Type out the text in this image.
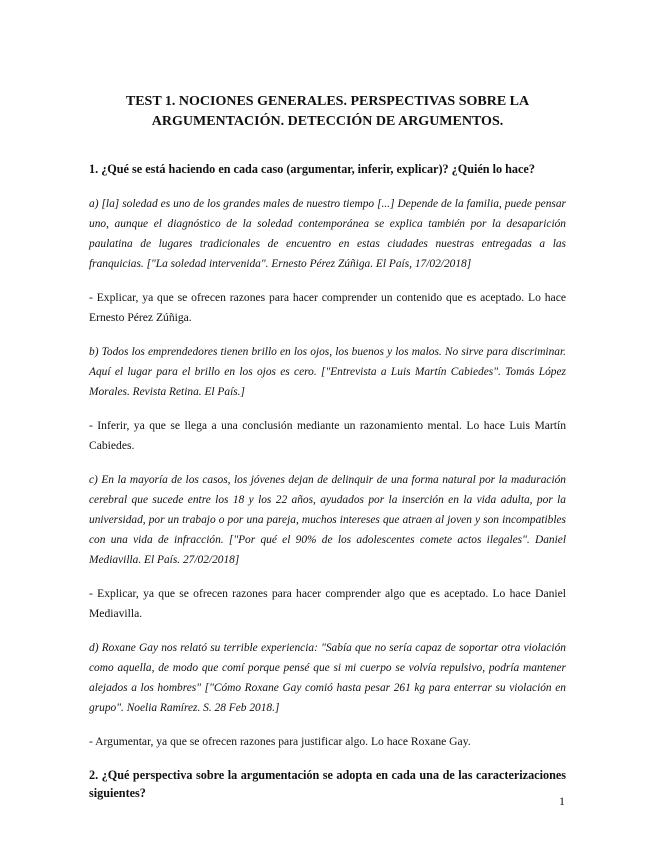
TEST 1. NOCIONES GENERALES. PERSPECTIVAS SOBRE LA
ARGUMENTACIÓN. DETECCIÓN DE ARGUMENTOS.

1. ¿Qué se está haciendo en cada caso (argumentar, inferir, explicar)? ¿Quién lo hace?

a) [la] soledad es uno de los grandes males de nuestro tiempo [...] Depende de la familia, puede pensar uno, aunque el diagnóstico de la soledad contemporánea se explica también por la desaparición paulatina de lugares tradicionales de encuentro en estas ciudades nuestras entregadas a las franquicias. ["La soledad intervenida". Ernesto Pérez Zúñiga. El País, 17/02/2018]

- Explicar, ya que se ofrecen razones para hacer comprender un contenido que es aceptado. Lo hace Ernesto Pérez Zúñiga.

b) Todos los emprendedores tienen brillo en los ojos, los buenos y los malos. No sirve para discriminar. Aquí el lugar para el brillo en los ojos es cero. ["Entrevista a Luis Martín Cabiedes". Tomás López Morales. Revista Retina. El País.]

- Inferir, ya que se llega a una conclusión mediante un razonamiento mental. Lo hace Luis Martín Cabiedes.

c) En la mayoría de los casos, los jóvenes dejan de delinquir de una forma natural por la maduración cerebral que sucede entre los 18 y los 22 años, ayudados por la inserción en la vida adulta, por la universidad, por un trabajo o por una pareja, muchos intereses que atraen al joven y son incompatibles con una vida de infracción. ["Por qué el 90% de los adolescentes comete actos ilegales". Daniel Mediavilla. El País. 27/02/2018]

- Explicar, ya que se ofrecen razones para hacer comprender algo que es aceptado. Lo hace Daniel Mediavilla.

d) Roxane Gay nos relató su terrible experiencia: "Sabía que no sería capaz de soportar otra violación como aquella, de modo que comí porque pensé que si mi cuerpo se volvía repulsivo, podría mantener alejados a los hombres" ["Cómo Roxane Gay comió hasta pesar 261 kg para enterrar su violación en grupo". Noelia Ramírez. S. 28 Feb 2018.]

- Argumentar, ya que se ofrecen razones para justificar algo. Lo hace Roxane Gay.

2. ¿Qué perspectiva sobre la argumentación se adopta en cada una de las caracterizaciones siguientes?

1
